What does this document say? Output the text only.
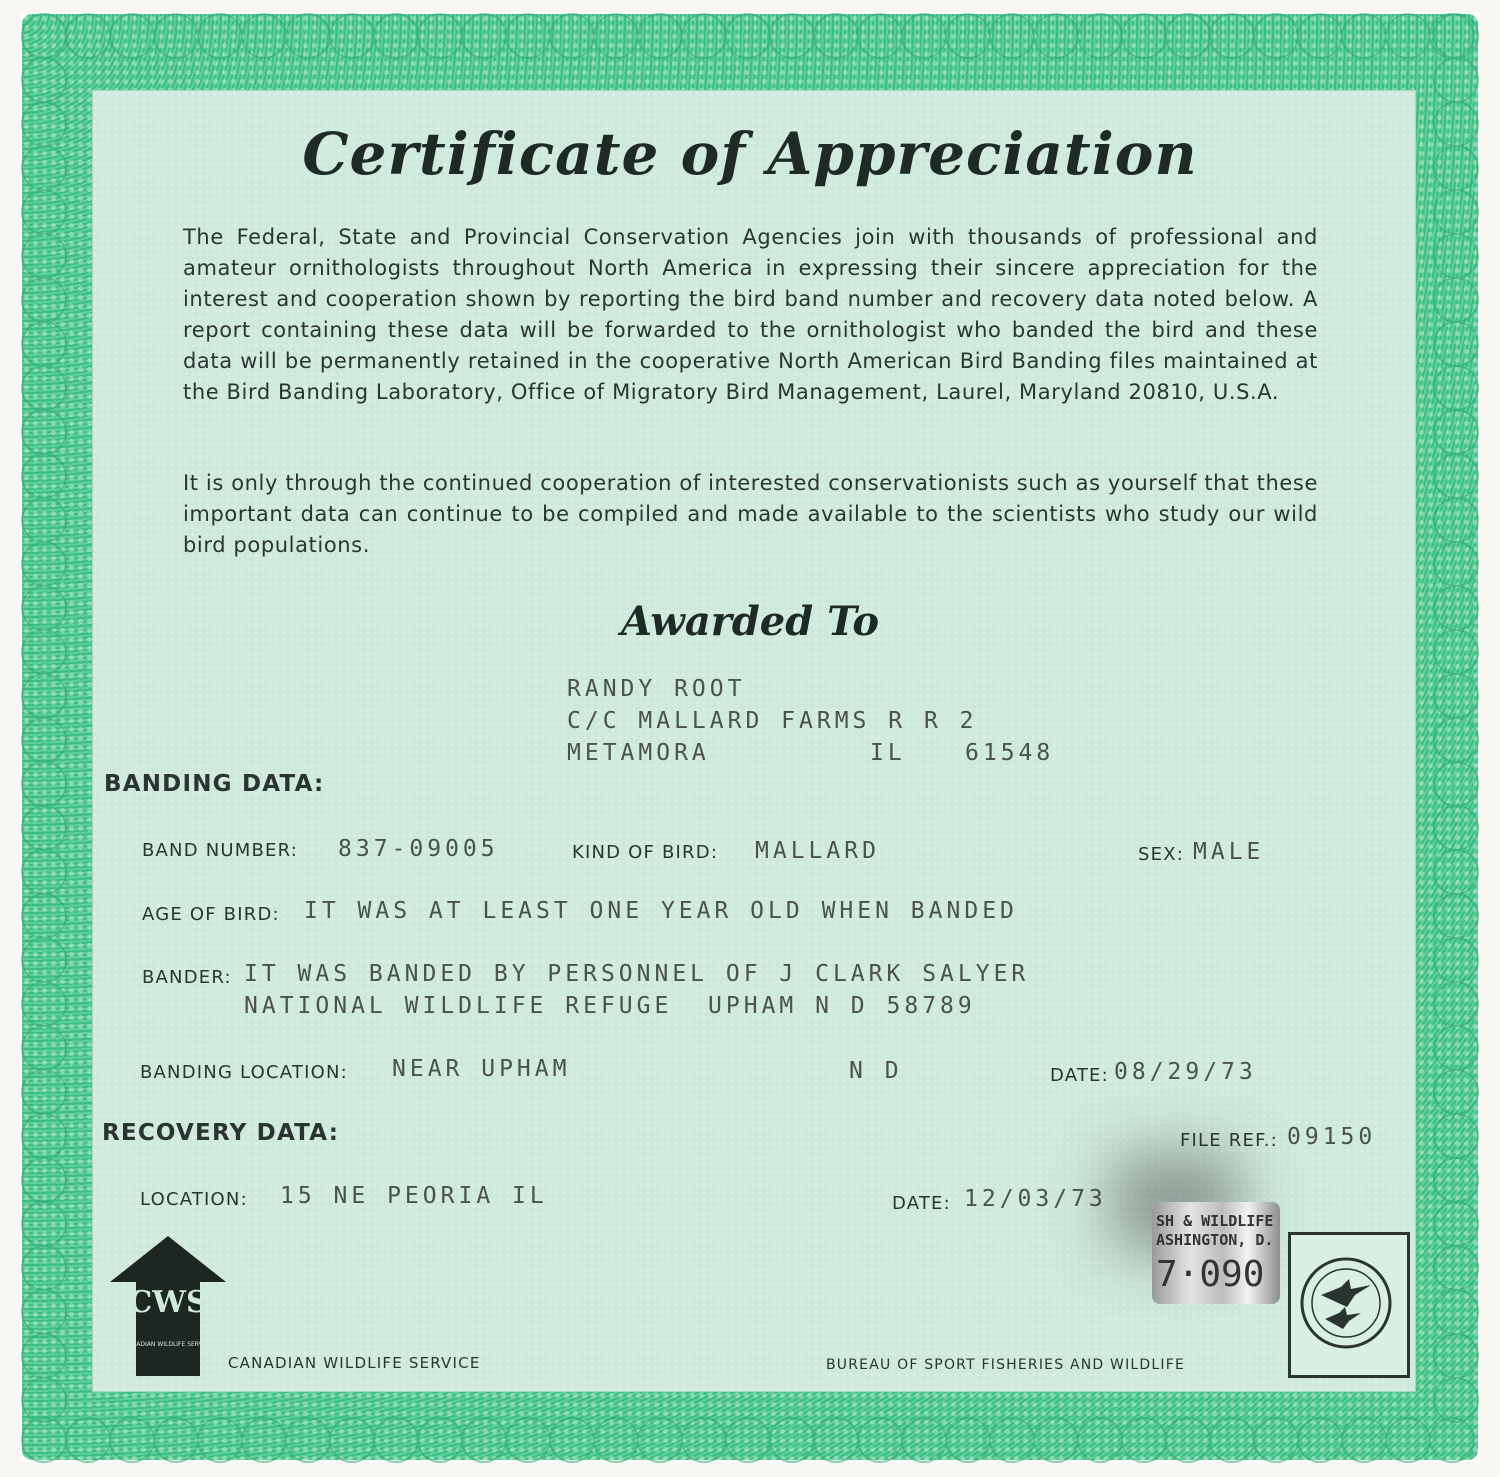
Certificate of Appreciation
The Federal, State and Provincial Conservation Agencies join with thousands of professional and amateur ornithologists throughout North America in expressing their sincere appreciation for the interest and cooperation shown by reporting the bird band number and recovery data noted below. A report containing these data will be forwarded to the ornithologist who banded the bird and these data will be permanently retained in the cooperative North American Bird Banding files maintained at the Bird Banding Laboratory, Office of Migratory Bird Management, Laurel, Maryland 20810, U.S.A.
It is only through the continued cooperation of interested conservationists such as yourself that these important data can continue to be compiled and made available to the scientists who study our wild bird populations.
Awarded To
RANDY ROOT
C/C MALLARD FARMS R R 2
METAMORA	IL	61548
BANDING DATA:
BAND NUMBER: 837-09005	KIND OF BIRD: MALLARD	SEX: MALE
AGE OF BIRD: IT WAS AT LEAST ONE YEAR OLD WHEN BANDED
BANDER: IT WAS BANDED BY PERSONNEL OF J CLARK SALYER
NATIONAL WILDLIFE REFUGE  UPHAM N D 58789
BANDING LOCATION: NEAR UPHAM	N D	DATE: 08/29/73
RECOVERY DATA:	FILE REF.: 09150
LOCATION: 15 NE PEORIA IL	DATE: 12/03/73
CWS
CANADIAN WILDLIFE SERVICE
CANADIAN WILDLIFE SERVICE	BUREAU OF SPORT FISHERIES AND WILDLIFE
SH & WILDLIFE
ASHINGTON, D.
7·090
